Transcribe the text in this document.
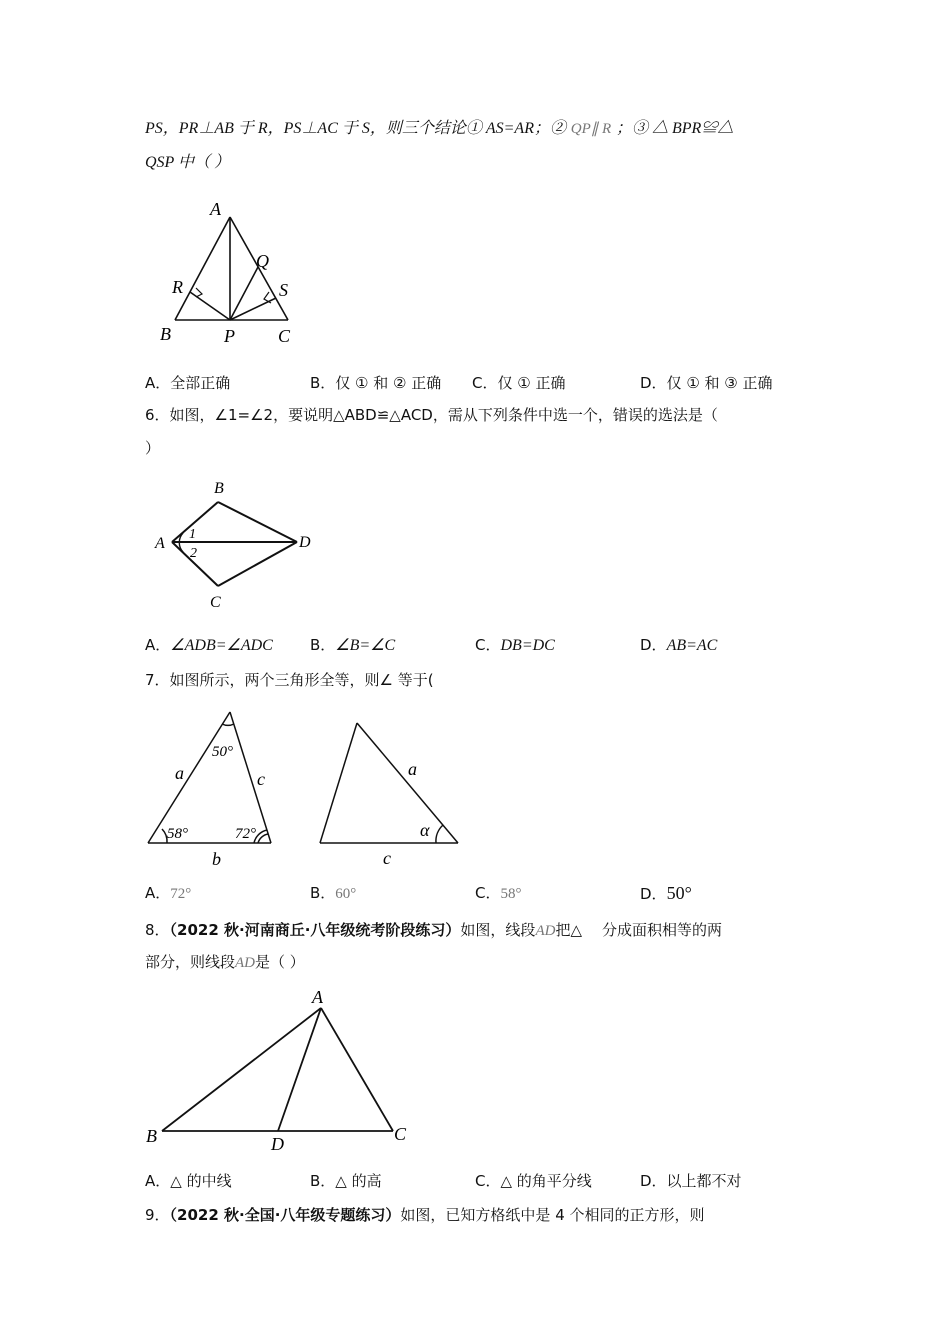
PS，PR⊥AB 于 R，PS⊥AC 于 S，则三个结论① AS=AR；② QP∥ R ；③ △ BPR≌△
QSP 中（ ）
A
B	C
P
Q
R	S
A．全部正确	B．仅 ① 和 ② 正确 C．仅 ① 正确	D．仅 ① 和 ③ 正确
6．如图，∠1=∠2，要说明△ABD≌△ACD，需从下列条件中选一个，错误的选法是（
）
A
B
C
D
1
2
A．∠ADB=∠ADC B．∠B=∠C	C．DB=DC	D．AB=AC
7．如图所示，两个三角形全等，则∠ 等于(
50°
58°	72°
a	c
b
a
α
c
A．72°	B．60°	C．58°	D．50°
8．（2022 秋·河南商丘·八年级统考阶段练习）如图，线段AD把△ 分成面积相等的两
部分，则线段AD是（ ）
A
B	C
D
A．△ 的中线	B．△ 的高	C．△ 的角平分线	D．以上都不对
9．（2022 秋·全国·八年级专题练习）如图，已知方格纸中是 4 个相同的正方形，则
